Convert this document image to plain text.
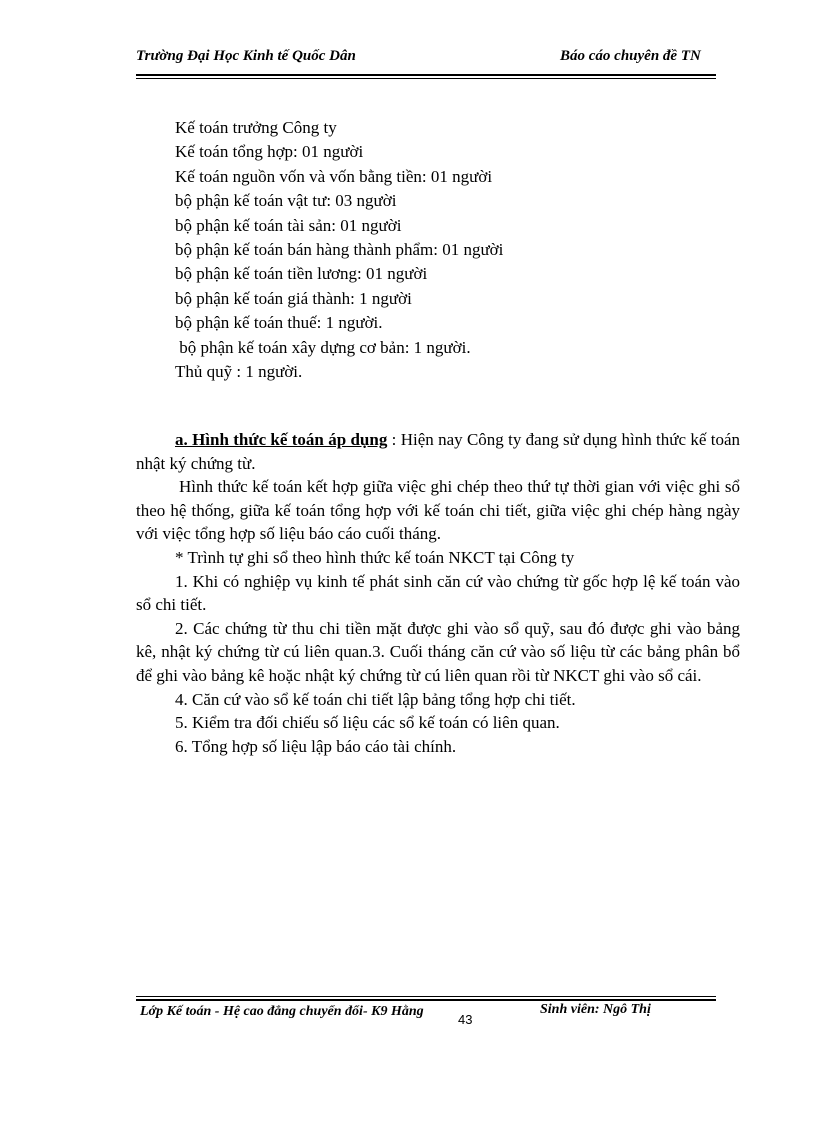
Trường Đại Học Kinh tế Quốc Dân	Báo cáo chuyên đề TN
Kế toán trưởng Công ty
Kế toán tổng hợp: 01 người
Kế toán nguồn vốn và vốn bằng tiền: 01 người
bộ phận kế toán vật tư: 03 người
bộ phận kế toán tài sản: 01 người
bộ phận kế toán bán hàng thành phẩm: 01 người
bộ phận kế toán tiền lương: 01 người
bộ phận kế toán giá thành: 1 người
bộ phận kế toán thuế: 1 người.
bộ phận kế toán xây dựng cơ bản: 1 người.
Thủ quỹ : 1 người.

a. Hình thức kế toán áp dụng : Hiện nay Công ty đang sử dụng hình thức kế toán nhật ký chứng từ.

Hình thức kế toán kết hợp giữa việc ghi chép theo thứ tự thời gian với việc ghi sổ theo hệ thống, giữa kế toán tổng hợp với kế toán chi tiết, giữa việc ghi chép hàng ngày với việc tổng hợp số liệu báo cáo cuối tháng.

* Trình tự ghi sổ theo hình thức kế toán NKCT tại Công ty

1. Khi có nghiệp vụ kinh tế phát sinh căn cứ vào chứng từ gốc hợp lệ kế toán vào sổ chi tiết.

2. Các chứng từ thu chi tiền mặt được ghi vào sổ quỹ, sau đó được ghi vào bảng kê, nhật ký chứng từ cú liên quan.3. Cuối tháng căn cứ vào số liệu từ các bảng phân bổ để ghi vào bảng kê hoặc nhật ký chứng từ cú liên quan rồi từ NKCT ghi vào sổ cái.

4. Căn cứ vào sổ kế toán chi tiết lập bảng tổng hợp chi tiết.

5. Kiểm tra đối chiếu số liệu các sổ kế toán có liên quan.

6. Tổng hợp số liệu lập báo cáo tài chính.

Lớp Kế toán - Hệ cao đẳng chuyển đổi- K9 Hằng
43
Sinh viên: Ngô Thị
